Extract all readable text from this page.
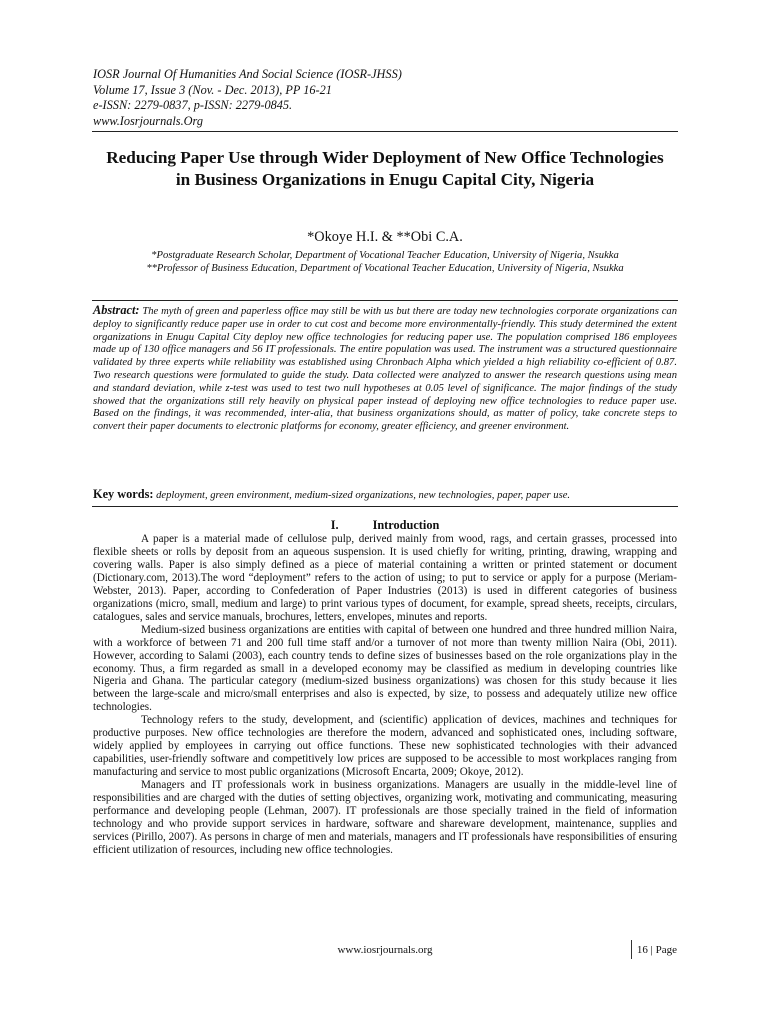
IOSR Journal Of Humanities And Social Science (IOSR-JHSS)
Volume 17, Issue 3 (Nov. - Dec. 2013), PP 16-21
e-ISSN: 2279-0837, p-ISSN: 2279-0845.
www.Iosrjournals.Org
Reducing Paper Use through Wider Deployment of New Office Technologies in Business Organizations in Enugu Capital City, Nigeria
*Okoye H.I. & **Obi C.A.
*Postgraduate Research Scholar, Department of Vocational Teacher Education, University of Nigeria, Nsukka
**Professor of Business Education, Department of Vocational Teacher Education, University of Nigeria, Nsukka
Abstract: The myth of green and paperless office may still be with us but there are today new technologies corporate organizations can deploy to significantly reduce paper use in order to cut cost and become more environmentally-friendly. This study determined the extent organizations in Enugu Capital City deploy new office technologies for reducing paper use. The population comprised 186 employees made up of 130 office managers and 56 IT professionals. The entire population was used. The instrument was a structured questionnaire validated by three experts while reliability was established using Chronbach Alpha which yielded a high reliability co-efficient of 0.87. Two research questions were formulated to guide the study. Data collected were analyzed to answer the research questions using mean and standard deviation, while z-test was used to test two null hypotheses at 0.05 level of significance. The major findings of the study showed that the organizations still rely heavily on physical paper instead of deploying new office technologies to reduce paper use. Based on the findings, it was recommended, inter-alia, that business organizations should, as matter of policy, take concrete steps to convert their paper documents to electronic platforms for economy, greater efficiency, and greener environment.
Key words: deployment, green environment, medium-sized organizations, new technologies, paper, paper use.
I.	Introduction

A paper is a material made of cellulose pulp, derived mainly from wood, rags, and certain grasses, processed into flexible sheets or rolls by deposit from an aqueous suspension. It is used chiefly for writing, printing, drawing, wrapping and covering walls. Paper is also simply defined as a piece of material containing a written or printed statement or document (Dictionary.com, 2013).The word “deployment” refers to the action of using; to put to service or apply for a purpose (Meriam-Webster, 2013). Paper, according to Confederation of Paper Industries (2013) is used in different categories of business organizations (micro, small, medium and large) to print various types of document, for example, spread sheets, receipts, circulars, catalogues, sales and service manuals, brochures, letters, envelopes, minutes and reports.

Medium-sized business organizations are entities with capital of between one hundred and three hundred million Naira, with a workforce of between 71 and 200 full time staff and/or a turnover of not more than twenty million Naira (Obi, 2011). However, according to Salami (2003), each country tends to define sizes of businesses based on the role organizations play in the economy. Thus, a firm regarded as small in a developed economy may be classified as medium in developing countries like Nigeria and Ghana. The particular category (medium-sized business organizations) was chosen for this study because it lies between the large-scale and micro/small enterprises and also is expected, by size, to possess and adequately utilize new office technologies.

Technology refers to the study, development, and (scientific) application of devices, machines and techniques for productive purposes. New office technologies are therefore the modern, advanced and sophisticated ones, including software, widely applied by employees in carrying out office functions. These new sophisticated technologies with their advanced capabilities, user-friendly software and competitively low prices are supposed to be accessible to most workplaces ranging from manufacturing and service to most public organizations (Microsoft Encarta, 2009; Okoye, 2012).

Managers and IT professionals work in business organizations. Managers are usually in the middle-level line of responsibilities and are charged with the duties of setting objectives, organizing work, motivating and communicating, measuring performance and developing people (Lehman, 2007). IT professionals are those specially trained in the field of information technology and who provide support services in hardware, software and shareware development, maintenance, supplies and services (Pirillo, 2007). As persons in charge of men and materials, managers and IT professionals have responsibilities of ensuring efficient utilization of resources, including new office technologies.

www.iosrjournals.org	16 | Page
